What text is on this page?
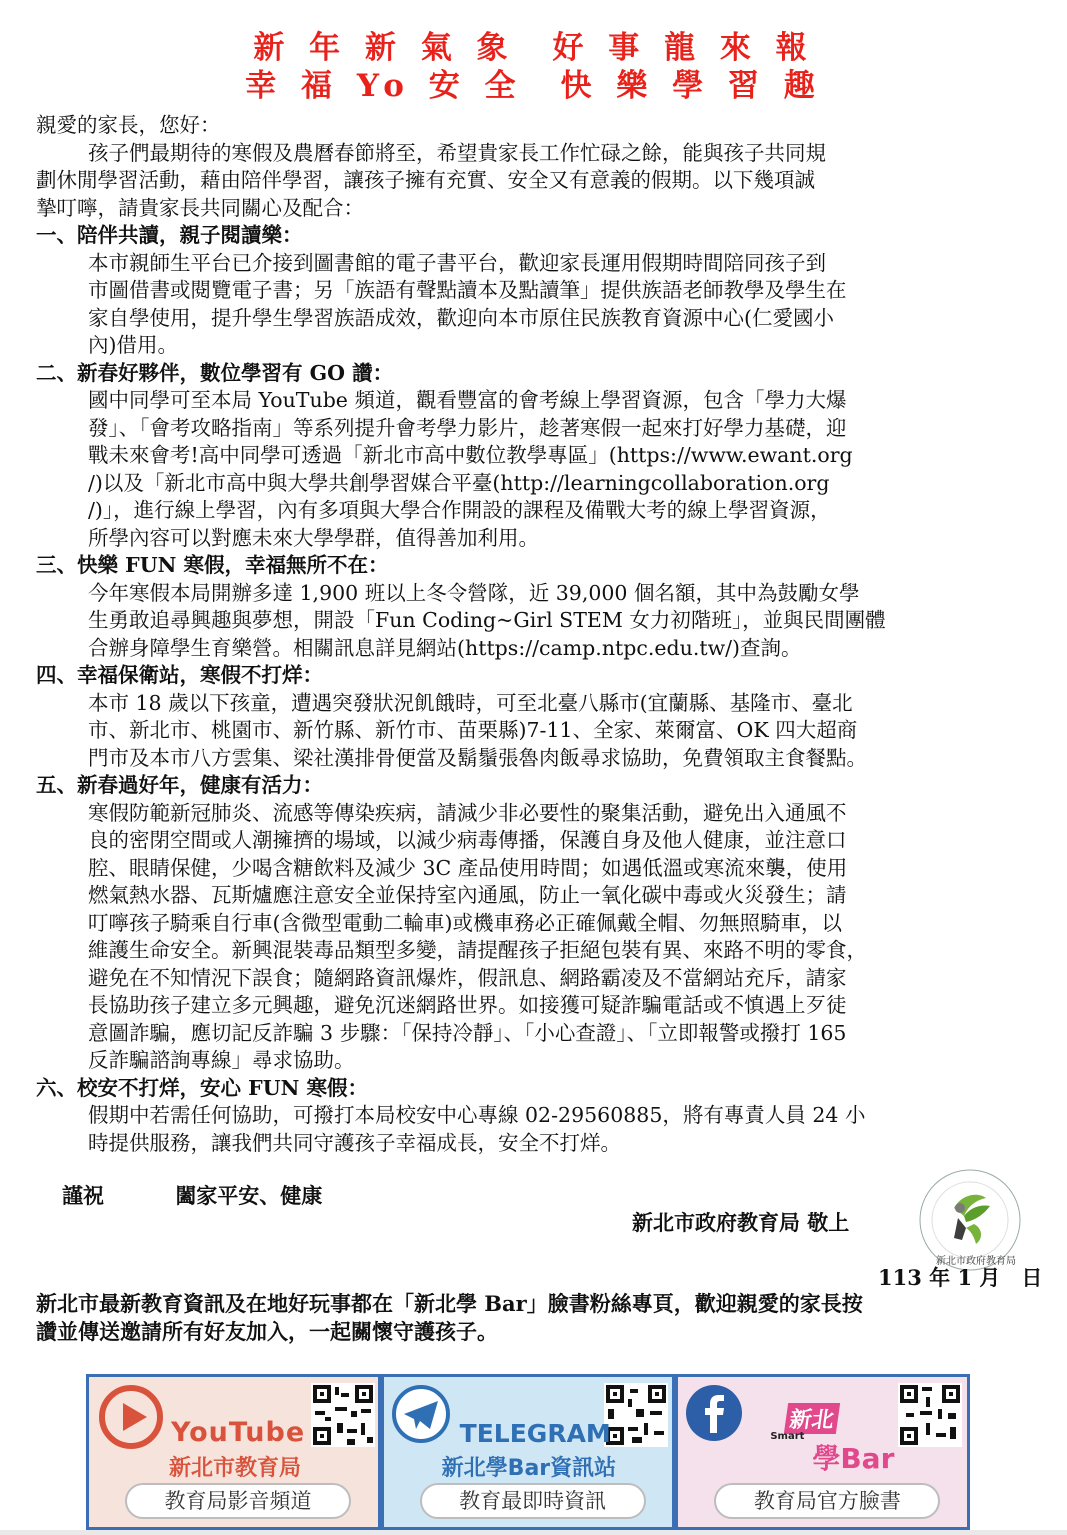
新 年 新 氣 象　好 事 龍 來 報
幸 福 Yo 安 全　快 樂 學 習 趣

親愛的家長，您好：

孩子們最期待的寒假及農曆春節將至，希望貴家長工作忙碌之餘，能與孩子共同規

劃休閒學習活動，藉由陪伴學習，讓孩子擁有充實、安全又有意義的假期。以下幾項誠

摯叮嚀，請貴家長共同關心及配合：

一、陪伴共讀，親子閱讀樂：

本市親師生平台已介接到圖書館的電子書平台，歡迎家長運用假期時間陪同孩子到

市圖借書或閱覽電子書；另「族語有聲點讀本及點讀筆」提供族語老師教學及學生在

家自學使用，提升學生學習族語成效，歡迎向本市原住民族教育資源中心(仁愛國小

內)借用。

二、新春好夥伴，數位學習有 GO 讚：

國中同學可至本局 YouTube 頻道，觀看豐富的會考線上學習資源，包含「學力大爆

發」、「會考攻略指南」等系列提升會考學力影片，趁著寒假一起來打好學力基礎，迎

戰未來會考!高中同學可透過「新北市高中數位教學專區」(https://www.ewant.org

/)以及「新北市高中與大學共創學習媒合平臺(http://learningcollaboration.org

/)」，進行線上學習，內有多項與大學合作開設的課程及備戰大考的線上學習資源，

所學內容可以對應未來大學學群，值得善加利用。

三、快樂 FUN 寒假，幸福無所不在：

今年寒假本局開辦多達 1,900 班以上冬令營隊，近 39,000 個名額，其中為鼓勵女學

生勇敢追尋興趣與夢想，開設「Fun Coding~Girl STEM 女力初階班」，並與民間團體

合辦身障學生育樂營。相關訊息詳見網站(https://camp.ntpc.edu.tw/)查詢。

四、幸福保衛站，寒假不打烊：

本市 18 歲以下孩童，遭遇突發狀況飢餓時，可至北臺八縣市(宜蘭縣、基隆市、臺北

市、新北市、桃園市、新竹縣、新竹市、苗栗縣)7-11、全家、萊爾富、OK 四大超商

門市及本市八方雲集、梁社漢排骨便當及鬍鬚張魯肉飯尋求協助，免費領取主食餐點。

五、新春過好年，健康有活力：

寒假防範新冠肺炎、流感等傳染疾病，請減少非必要性的聚集活動，避免出入通風不

良的密閉空間或人潮擁擠的場域，以減少病毒傳播，保護自身及他人健康，並注意口

腔、眼睛保健，少喝含糖飲料及減少 3C 產品使用時間；如遇低溫或寒流來襲，使用

燃氣熱水器、瓦斯爐應注意安全並保持室內通風，防止一氧化碳中毒或火災發生；請

叮嚀孩子騎乘自行車(含微型電動二輪車)或機車務必正確佩戴全帽、勿無照騎車，以

維護生命安全。新興混裝毒品類型多變，請提醒孩子拒絕包裝有異、來路不明的零食，

避免在不知情況下誤食；隨網路資訊爆炸，假訊息、網路霸凌及不當網站充斥，請家

長協助孩子建立多元興趣，避免沉迷網路世界。如接獲可疑詐騙電話或不慎遇上歹徒

意圖詐騙，應切記反詐騙 3 步驟：「保持冷靜」、「小心查證」、「立即報警或撥打 165

反詐騙諮詢專線」尋求協助。

六、校安不打烊，安心 FUN 寒假：

假期中若需任何協助，可撥打本局校安中心專線 02-29560885，將有專責人員 24 小

時提供服務，讓我們共同守護孩子幸福成長，安全不打烊。

謹祝	闔家平安、健康
新北市政府教育局 敬上
新北市政府教育局
113 年 1 月　日
新北市最新教育資訊及在地好玩事都在「新北學 Bar」臉書粉絲專頁，歡迎親愛的家長按
讚並傳送邀請所有好友加入，一起關懷守護孩子。
YouTube
新北市教育局
教育局影音頻道
TELEGRAM
新北學Bar資訊站
教育最即時資訊
新北
Smart
學Bar
教育局官方臉書
